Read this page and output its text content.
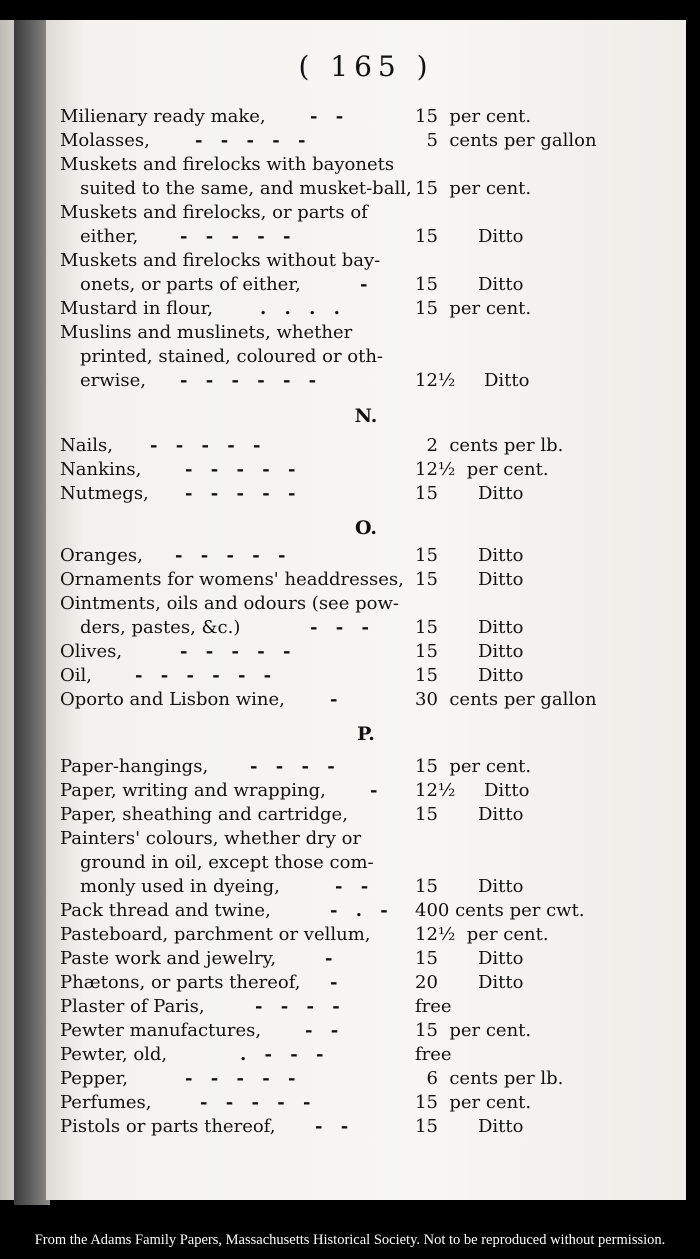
( 165 )
Milienary ready make, - -	15  per cent.
Molasses,	- - - - -	5  cents per gallon
Muskets and firelocks with bayonets
suited to the same, and musket-ball, 15  per cent.
Muskets and firelocks, or parts of
either, - - - - -	15       Ditto
Muskets and firelocks without bay-
onets, or parts of either,	- 15       Ditto
Mustard in flour,	. . . .	15  per cent.
Muslins and muslinets, whether
printed, stained, coloured or oth-
erwise, - - - - - -	12½     Ditto
N.
Nails, - - - - -	2  cents per lb.
Nankins, - - - - -	12½  per cent.
Nutmegs, - - - - -	15       Ditto
O.
Oranges, - - - - -	15       Ditto
Ornaments for womens' headdresses, 15       Ditto
Ointments, oils and odours (see pow-
ders, pastes, &c.)	- - - 15       Ditto
Olives,	- - - - -	15       Ditto
Oil, - - - - - -	15       Ditto
Oporto and Lisbon wine,	-	30  cents per gallon
P.
Paper-hangings, - - - -	15  per cent.
Paper, writing and wrapping, - 12½     Ditto
Paper, sheathing and cartridge,	15       Ditto
Painters' colours, whether dry or
ground in oil, except those com-
monly used in dyeing,	- - 15       Ditto
Pack thread and twine,	- . - 400 cents per cwt.
Pasteboard, parchment or vellum, 12½  per cent.
Paste work and jewelry,	-	15       Ditto
Phætons, or parts thereof, -	20       Ditto
Plaster of Paris,	- - - -	free
Pewter manufactures, - -	15  per cent.
Pewter, old,	. - - -	free
Pepper,	- - - - -	6  cents per lb.
Perfumes,	- - - - -	15  per cent.
Pistols or parts thereof, - -	15       Ditto
From the Adams Family Papers, Massachusetts Historical Society. Not to be reproduced without permission.
